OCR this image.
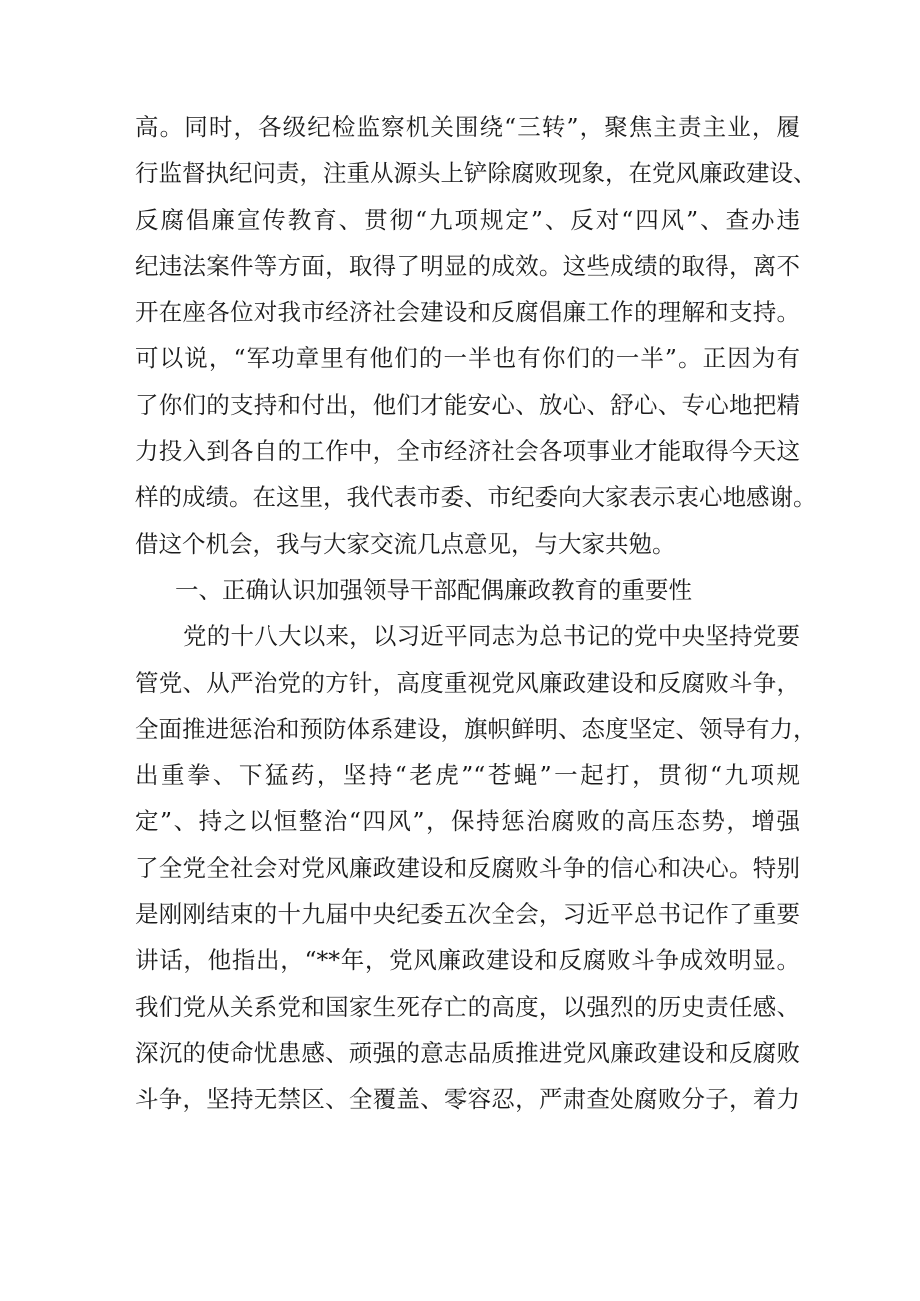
高。同时，各级纪检监察机关围绕“三转”，聚焦主责主业，履
行监督执纪问责，注重从源头上铲除腐败现象，在党风廉政建设、
反腐倡廉宣传教育、贯彻“九项规定”、反对“四风”、查办违
纪违法案件等方面，取得了明显的成效。这些成绩的取得，离不
开在座各位对我市经济社会建设和反腐倡廉工作的理解和支持。
可以说，“军功章里有他们的一半也有你们的一半”。正因为有
了你们的支持和付出，他们才能安心、放心、舒心、专心地把精
力投入到各自的工作中，全市经济社会各项事业才能取得今天这
样的成绩。在这里，我代表市委、市纪委向大家表示衷心地感谢。
借这个机会，我与大家交流几点意见，与大家共勉。
一、正确认识加强领导干部配偶廉政教育的重要性
党的十八大以来，以习近平同志为总书记的党中央坚持党要
管党、从严治党的方针，高度重视党风廉政建设和反腐败斗争，
全面推进惩治和预防体系建设，旗帜鲜明、态度坚定、领导有力，
出重拳、下猛药，坚持“老虎”“苍蝇”一起打，贯彻“九项规
定”、持之以恒整治“四风”，保持惩治腐败的高压态势，增强
了全党全社会对党风廉政建设和反腐败斗争的信心和决心。特别
是刚刚结束的十九届中央纪委五次全会，习近平总书记作了重要
讲话，他指出，“**年，党风廉政建设和反腐败斗争成效明显。
我们党从关系党和国家生死存亡的高度，以强烈的历史责任感、
深沉的使命忧患感、顽强的意志品质推进党风廉政建设和反腐败
斗争，坚持无禁区、全覆盖、零容忍，严肃查处腐败分子，着力
